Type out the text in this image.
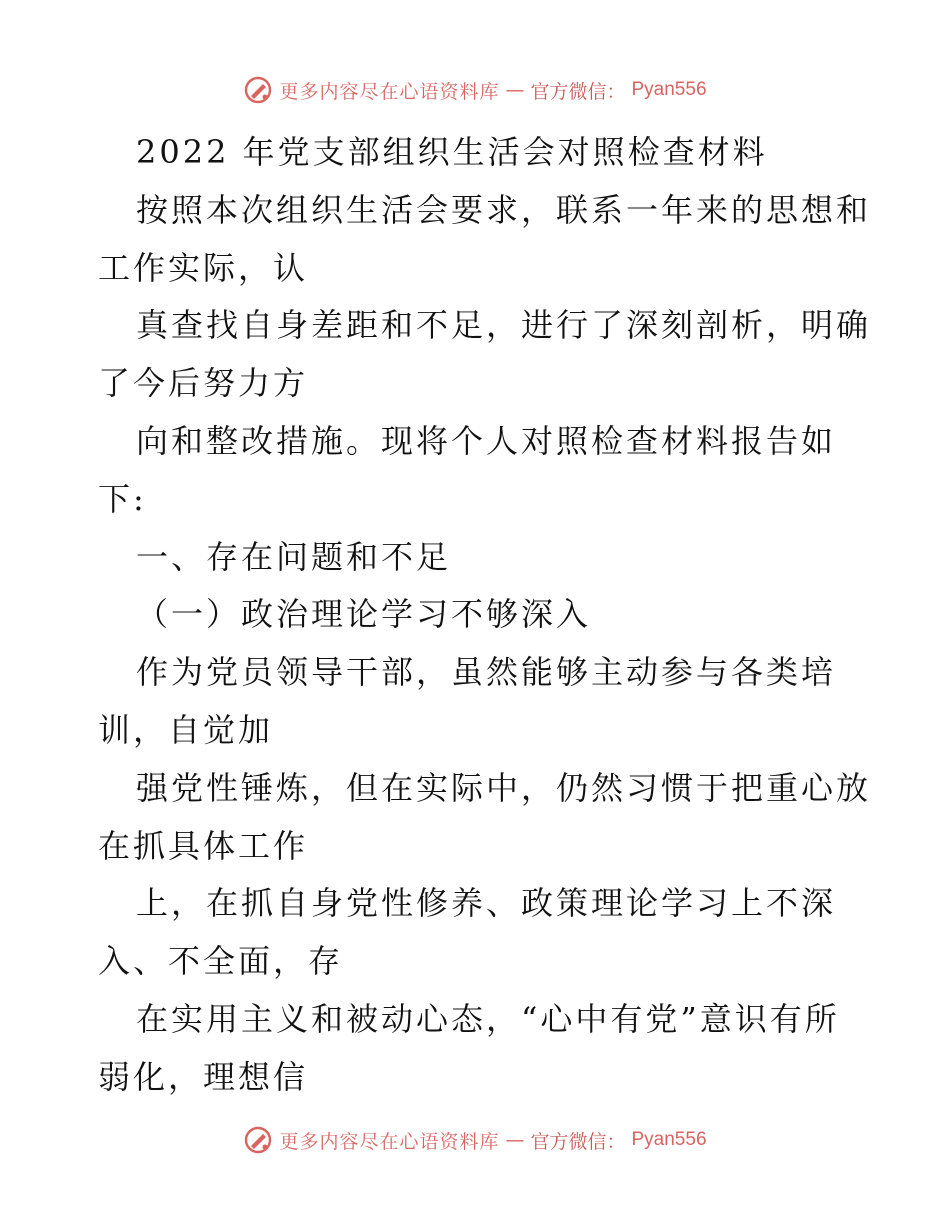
更多内容尽在心语资料库 — 官方微信： Pyan556
2022 年党支部组织生活会对照检查材料
按照本次组织生活会要求，联系一年来的思想和
工作实际，认
真查找自身差距和不足，进行了深刻剖析，明确
了今后努力方
向和整改措施。现将个人对照检查材料报告如
下:
一、存在问题和不足
（一）政治理论学习不够深入
作为党员领导干部，虽然能够主动参与各类培
训，自觉加
强党性锤炼，但在实际中，仍然习惯于把重心放
在抓具体工作
上，在抓自身党性修养、政策理论学习上不深
入、不全面，存
在实用主义和被动心态，“心中有党”意识有所
弱化，理想信
更多内容尽在心语资料库 — 官方微信： Pyan556
